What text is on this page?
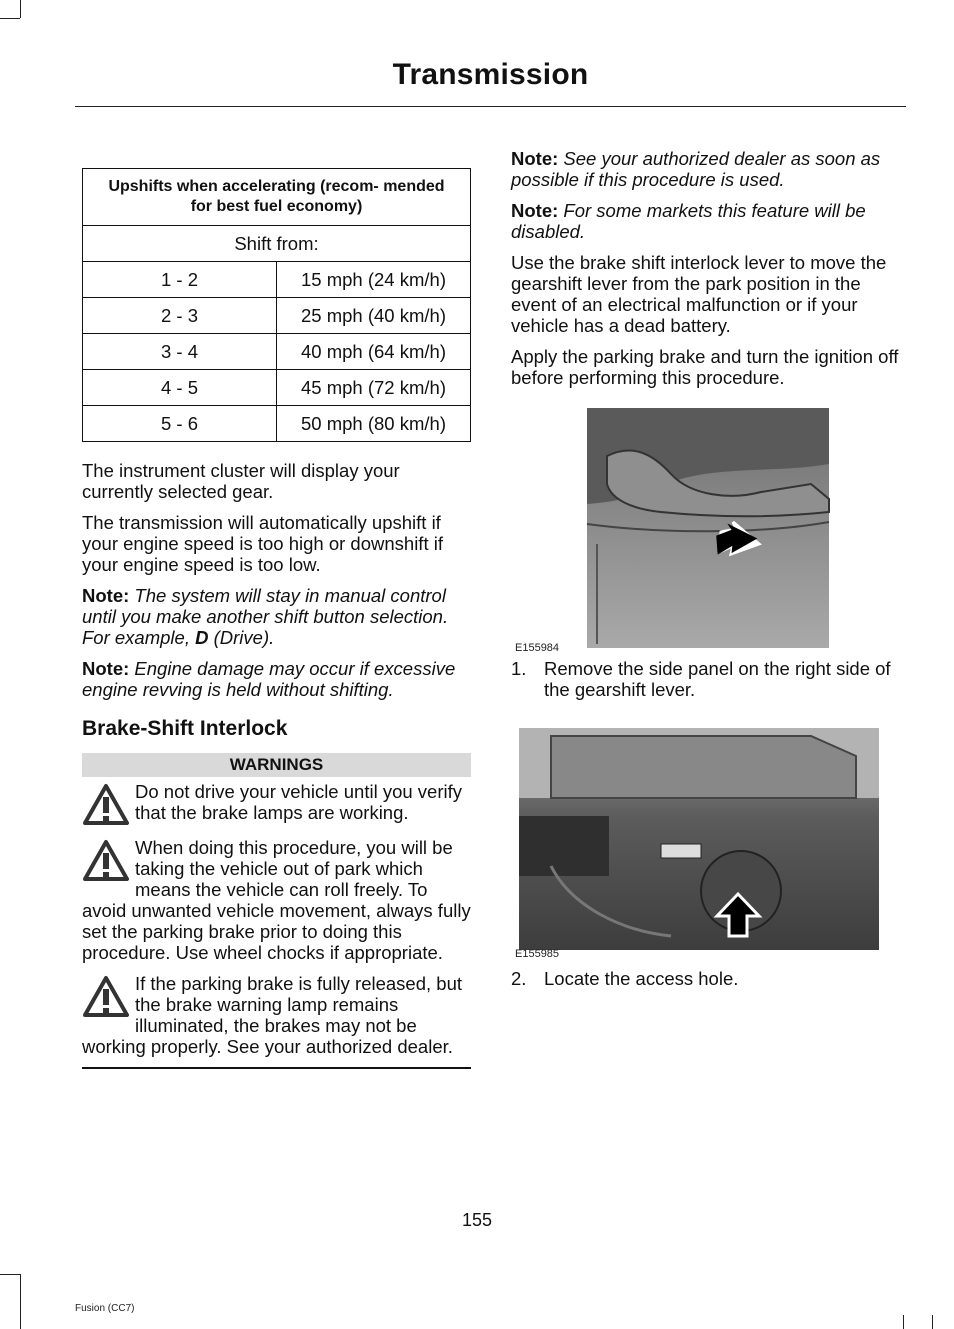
Transmission
Upshifts when accelerating (recom- mended for best fuel economy)	
Shift from:	
1 - 2	15 mph (24 km/h)
2 - 3	25 mph (40 km/h)
3 - 4	40 mph (64 km/h)
4 - 5	45 mph (72 km/h)
5 - 6	50 mph (80 km/h)

The instrument cluster will display your currently selected gear.

The transmission will automatically upshift if your engine speed is too high or downshift if your engine speed is too low.

Note: The system will stay in manual control until you make another shift button selection. For example, D (Drive).

Note: Engine damage may occur if excessive engine revving is held without shifting.

Brake-Shift Interlock
WARNINGS
Do not drive your vehicle until you verify that the brake lamps are working.
When doing this procedure, you will be taking the vehicle out of park which means the vehicle can roll freely. To avoid unwanted vehicle movement, always fully set the parking brake prior to doing this procedure. Use wheel chocks if appropriate.
If the parking brake is fully released, but the brake warning lamp remains illuminated, the brakes may not be working properly. See your authorized dealer.

Note: See your authorized dealer as soon as possible if this procedure is used.

Note: For some markets this feature will be disabled.

Use the brake shift interlock lever to move the gearshift lever from the park position in the event of an electrical malfunction or if your vehicle has a dead battery.

Apply the parking brake and turn the ignition off before performing this procedure.

E155984
1. Remove the side panel on the right side of the gearshift lever.
E155985
2. Locate the access hole.
155
Fusion (CC7)
